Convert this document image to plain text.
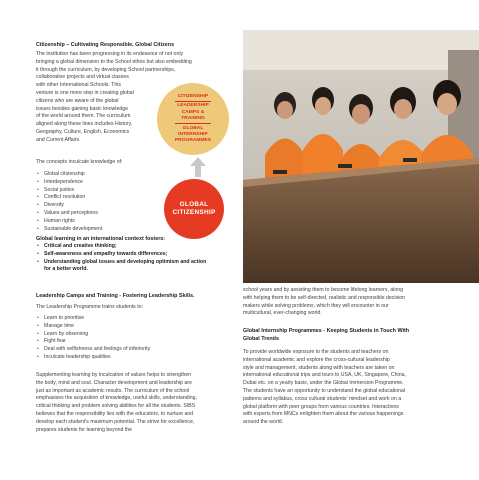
Citizenship – Cultivating Responsible, Global Citizens
The institution has been progressing in its endeavour of not only
bringing a global dimension to the School ethos but also embedding
it through the curriculum, by developing School partnerships,
collaborative projects and virtual classes
with other International Schools. This
venture is one more step in creating global
citizens who are aware of the global
issues besides gaining basic knowledge
of the world around them. The curriculum
aligned along these lines includes History,
Geography, Culture, English, Economics
and Current Affairs.
The concepts inculcate knowledge of:
• Global citizenship
• Interdependence
• Social justice
• Conflict resolution
• Diversity
• Values and perceptions
• Human rights
• Sustainable development
Global learning in an international context fosters:
• Critical and creative thinking;
• Self-awareness and empathy towards differences;
• Understanding global issues and developing optimism and action
for a better world.
Leadership Camps and Training - Fostering Leadership Skills.
The Leadership Programme trains students to:
• Learn to prioritise
• Manage time
• Learn by observing
• Fight fear
• Deal with selfishness and feelings of inferiority
• Inculcate leadership qualities
Supplementing learning by inculcation of values helps to strengthen
the body, mind and soul. Character development and leadership are
just as important as academic results. The curriculum of the school
emphasises the acquisition of knowledge, useful skills, understanding,
critical thinking and problem solving abilities for all the students. SIBS
believes that the responsibility lies with the educators, to nurture and
develop each student's maximum potential. The strive for excellence,
prepares students for learning beyond the
CITIZENSHIP
LEADERSHIP
CAMPS &
TRAINING
GLOBAL
INTERNSHIP
PROGRAMMES
GLOBAL
CITIZENSHIP
school years and by assisting them to become lifelong learners, along
with helping them to be self-directed, realistic and responsible decision
makers while solving problems, which they will encounter in our
multicultural, ever-changing world.
Global Internship Programmes - Keeping Students in Touch With
Global Trends
To provide worldwide exposure to the students and teachers on
international academic and explore the cross-cultural leadership
style and management, students along with teachers are taken on
international educational trips and tours to USA, UK, Singapore, China,
Dubai etc. on a yearly basis, under the Global Immersion Programme.
The students have an opportunity to understand the global educational
patterns and syllabus, cross cultural students' mindset and work on a
global platform with peer groups from various countries. Interactions
with experts from MNCs enlighten them about the various happenings
around the world.
